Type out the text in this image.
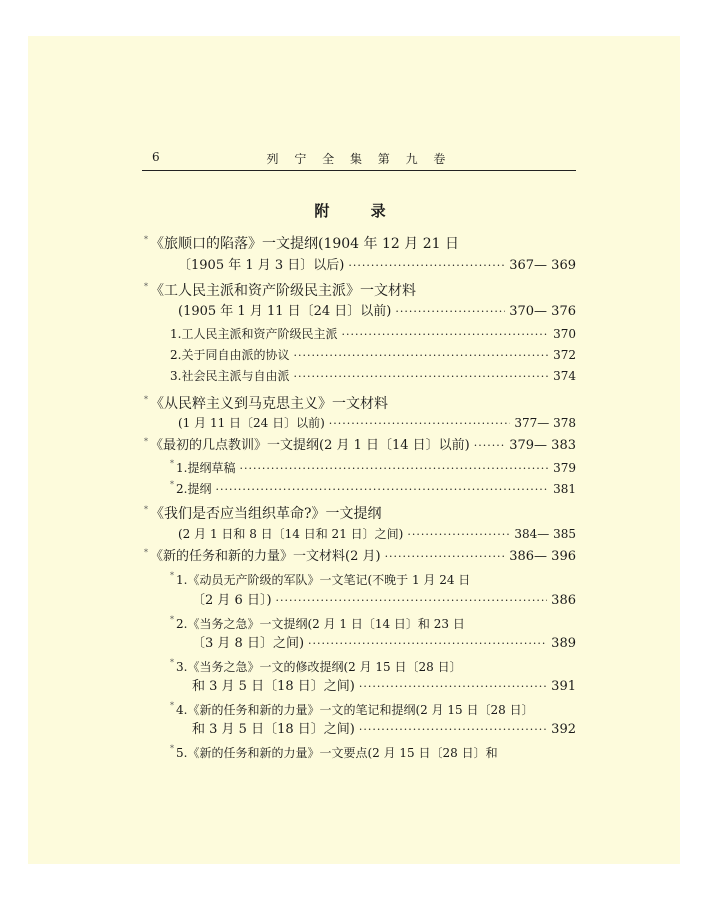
6	列 宁 全 集 第 九 卷
附 录
* 《旅顺口的陷落》一文提纲(1904 年 12 月 21 日
〔1905 年 1 月 3 日〕以后) ·····	367— 369
* 《工人民主派和资产阶级民主派》一文材料
(1905 年 1 月 11 日〔24 日〕以前) ·····	370— 376
1.工人民主派和资产阶级民主派 ·····	370
2.关于同自由派的协议 ·····	372
3.社会民主派与自由派 ·····	374
* 《从民粹主义到马克思主义》一文材料
(1 月 11 日〔24 日〕以前) ·····	377— 378
* 《最初的几点教训》一文提纲(2 月 1 日〔14 日〕以前) ·····	379— 383
* 1.提纲草稿 ·····	379
* 2.提纲 ·····	381
* 《我们是否应当组织革命?》一文提纲
(2 月 1 日和 8 日〔14 日和 21 日〕之间) ·····	384— 385
* 《新的任务和新的力量》一文材料(2 月) ·····	386— 396
* 1.《动员无产阶级的军队》一文笔记(不晚于 1 月 24 日
〔2 月 6 日〕) ·····	386
* 2.《当务之急》一文提纲(2 月 1 日〔14 日〕和 23 日
〔3 月 8 日〕之间) ·····	389
* 3.《当务之急》一文的修改提纲(2 月 15 日〔28 日〕
和 3 月 5 日〔18 日〕之间) ·····	391
* 4.《新的任务和新的力量》一文的笔记和提纲(2 月 15 日〔28 日〕
和 3 月 5 日〔18 日〕之间) ·····	392
* 5.《新的任务和新的力量》一文要点(2 月 15 日〔28 日〕和
